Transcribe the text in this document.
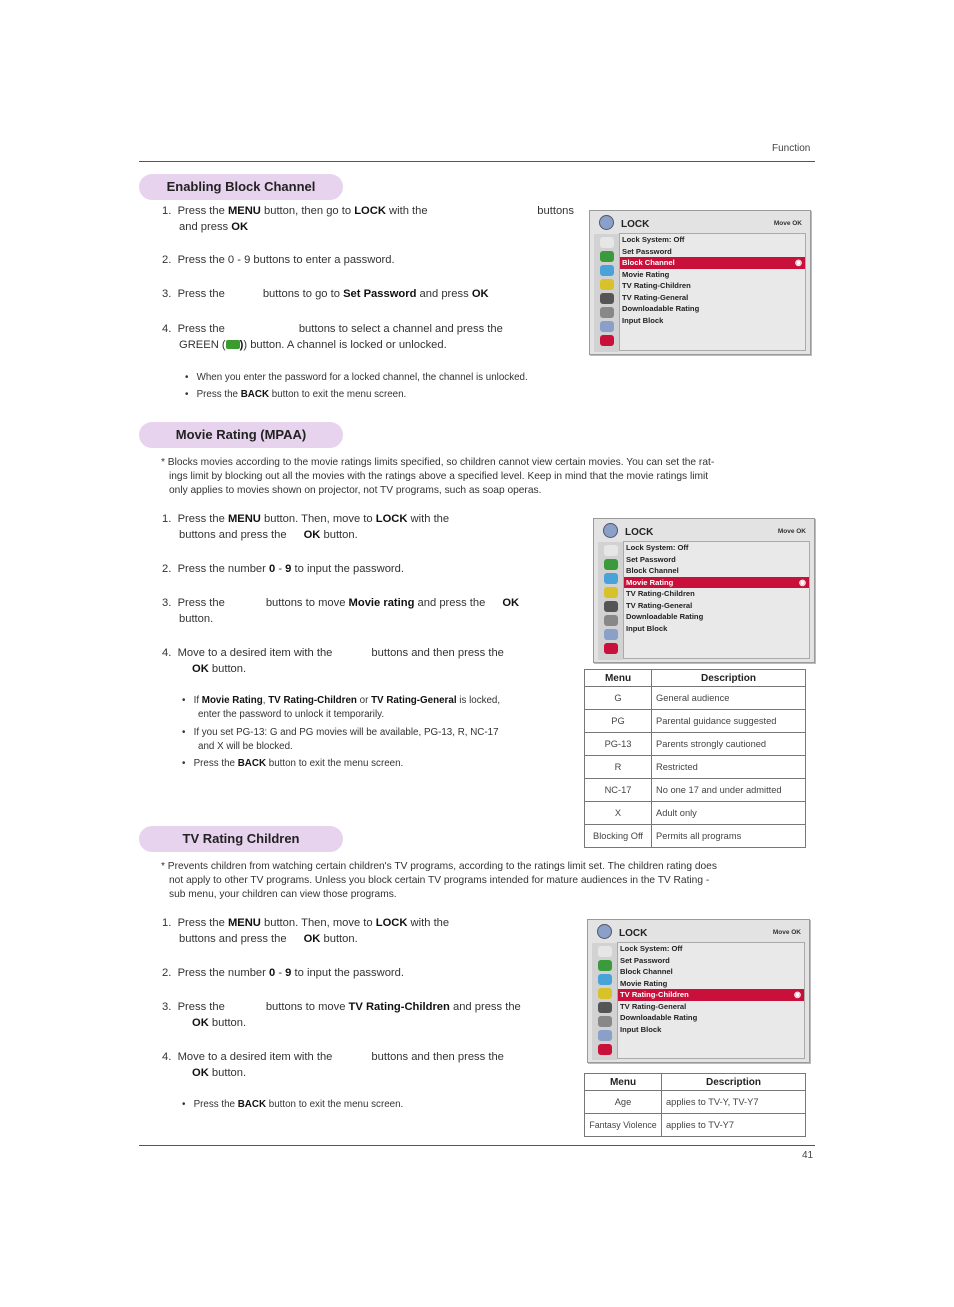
Function
Enabling Block Channel
1. Press the MENU button, then go to LOCK with the	buttons

and press OK
2. Press the 0 - 9 buttons to enter a password.
3. Press the	buttons to go to Set Password and press OK
4. Press the	buttons to select a channel and press the
GREEN ( )) button. A channel is locked or unlocked.
•   When you enter the password for a locked channel, the channel is unlocked.
•   Press the BACK button to exit the menu screen.
LOCK	Move OK
Lock System: Off
Set Password
Block Channel ◉
Movie Rating
TV Rating-Children
TV Rating-General
Downloadable Rating
Input Block
Movie Rating (MPAA)
* Blocks movies according to the movie ratings limits specified, so children cannot view certain movies. You can set the rat-
ings limit by blocking out all the movies with the ratings above a specified level. Keep in mind that the movie ratings limit
only applies to movies shown on projector, not TV programs, such as soap operas.
1. Press the MENU button. Then, move to LOCK with the
buttons and press the OK button.
2. Press the number 0 - 9 to input the password.
3. Press the	buttons to move Movie rating and press the OK
button.
4. Move to a desired item with the	buttons and then press the
OK button.
•   If Movie Rating, TV Rating-Children or TV Rating-General is locked,
enter the password to unlock it temporarily.
•   If you set PG-13: G and PG movies will be available, PG-13, R, NC-17
and X will be blocked.
•   Press the BACK button to exit the menu screen.
LOCK	Move OK
Lock System: Off
Set Password
Block Channel
Movie Rating ◉
TV Rating-Children
TV Rating-General
Downloadable Rating
Input Block
Menu	Description
G	General audience
PG	Parental guidance suggested
PG-13	Parents strongly cautioned
R	Restricted
NC-17	No one 17 and under admitted
X	Adult only
Blocking Off	Permits all programs
TV Rating Children
* Prevents children from watching certain children's TV programs, according to the ratings limit set. The children rating does
not apply to other TV programs. Unless you block certain TV programs intended for mature audiences in the TV Rating -
sub menu, your children can view those programs.
1. Press the MENU button. Then, move to LOCK with the
buttons and press the OK button.
2. Press the number 0 - 9 to input the password.
3. Press the	buttons to move TV Rating-Children and press the
OK button.
4. Move to a desired item with the	buttons and then press the
OK button.
•   Press the BACK button to exit the menu screen.
LOCK	Move OK
Lock System: Off
Set Password
Block Channel
Movie Rating
TV Rating-Children ◉
TV Rating-General
Downloadable Rating
Input Block
Menu	Description
Age	applies to TV-Y, TV-Y7
Fantasy Violence	applies to TV-Y7
41
